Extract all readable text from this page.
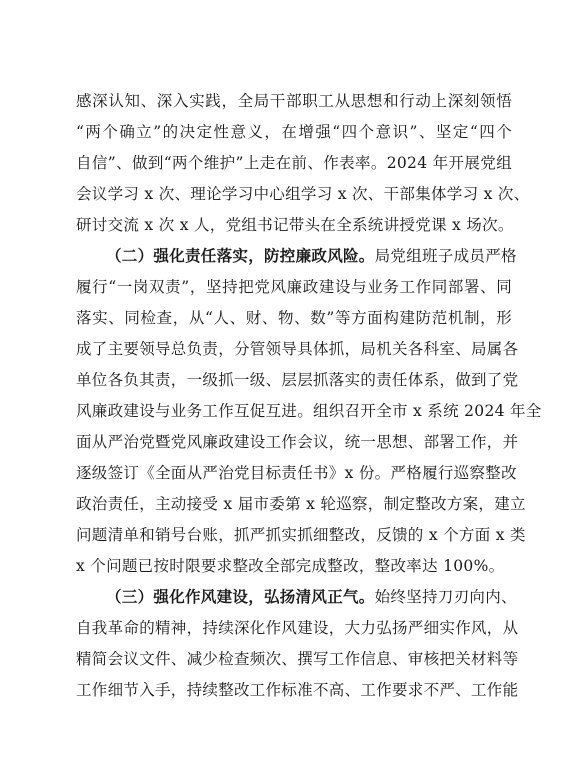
感深认知、深入实践，全局干部职工从思想和行动上深刻领悟
“两个确立”的决定性意义，在增强“四个意识”、坚定“四个
自信”、做到“两个维护”上走在前、作表率。2024 年开展党组
会议学习 x 次、理论学习中心组学习 x 次、干部集体学习 x 次、
研讨交流 x 次 x 人，党组书记带头在全系统讲授党课 x 场次。
（二）强化责任落实，防控廉政风险。局党组班子成员严格
履行“一岗双责”，坚持把党风廉政建设与业务工作同部署、同
落实、同检查，从“人、财、物、数”等方面构建防范机制，形
成了主要领导总负责，分管领导具体抓，局机关各科室、局属各
单位各负其责，一级抓一级、层层抓落实的责任体系，做到了党
风廉政建设与业务工作互促互进。组织召开全市 x 系统 2024 年全
面从严治党暨党风廉政建设工作会议，统一思想、部署工作，并
逐级签订《全面从严治党目标责任书》x 份。严格履行巡察整改
政治责任，主动接受 x 届市委第 x 轮巡察，制定整改方案，建立
问题清单和销号台账，抓严抓实抓细整改，反馈的 x 个方面 x 类
x 个问题已按时限要求整改全部完成整改，整改率达 100%。
（三）强化作风建设，弘扬清风正气。始终坚持刀刃向内、
自我革命的精神，持续深化作风建设，大力弘扬严细实作风，从
精简会议文件、减少检查频次、撰写工作信息、审核把关材料等
工作细节入手，持续整改工作标准不高、工作要求不严、工作能
